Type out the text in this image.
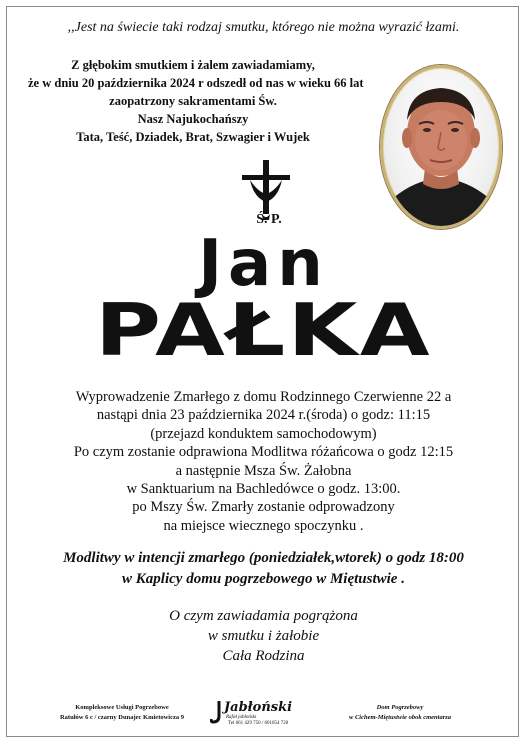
,,Jest na świecie taki rodzaj smutku, którego nie można wyrazić łzami.
Z głębokim smutkiem i żalem zawiadamiamy,
że w dniu 20 października 2024 r odszedł od nas w wieku 66 lat
zaopatrzony sakramentami Św.
Nasz Najukochańszy
Tata, Teść, Dziadek, Brat, Szwagier i Wujek
Ś. P.
Jan
PAŁKA
Wyprowadzenie Zmarłego z domu Rodzinnego Czerwienne 22 a
nastąpi dnia 23 października 2024 r.(środa) o godz: 11:15
(przejazd konduktem samochodowym)
Po czym zostanie odprawiona Modlitwa różańcowa o godz 12:15
a następnie Msza Św. Żałobna
w Sanktuarium na Bachledówce o godz. 13:00.
po Mszy Św. Zmarły zostanie odprowadzony
na miejsce wiecznego spoczynku .
Modlitwy w intencji zmarłego (poniedziałek,wtorek) o godz 18:00
w Kaplicy domu pogrzebowego w Miętustwie .
O czym zawiadamia pogrążona
w smutku i żałobie
Cała Rodzina
Kompleksowe Usługi Pogrzebowe
Ratułów 6 c / czarny Dunajec Kmietowicza 9
Jabłoński
Rafał jabłoński
Tel 661 429 750 / 601054 720
Dom Pogrzebowy
w Cichem-Miętustwie obok cmentarza
